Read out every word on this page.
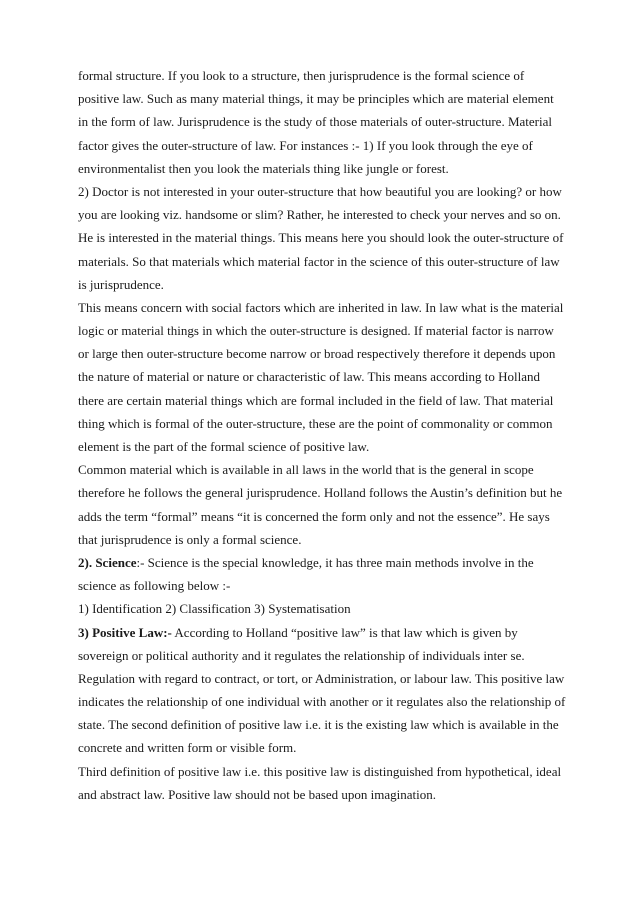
formal structure. If you look to a structure, then jurisprudence is the formal science of
positive law. Such as many material things, it may be principles which are material element
in the form of law. Jurisprudence is the study of those materials of outer-structure. Material
factor gives the outer-structure of law. For instances :- 1) If you look through the eye of
environmentalist then you look the materials thing like jungle or forest.
2) Doctor is not interested in your outer-structure that how beautiful you are looking? or how
you are looking viz. handsome or slim? Rather, he interested to check your nerves and so on.
He is interested in the material things. This means here you should look the outer-structure of
materials. So that materials which material factor in the science of this outer-structure of law
is jurisprudence.
This means concern with social factors which are inherited in law. In law what is the material
logic or material things in which the outer-structure is designed. If material factor is narrow
or large then outer-structure become narrow or broad respectively therefore it depends upon
the nature of material or nature or characteristic of law. This means according to Holland
there are certain material things which are formal included in the field of law. That material
thing which is formal of the outer-structure, these are the point of commonality or common
element is the part of the formal science of positive law.
Common material which is available in all laws in the world that is the general in scope
therefore he follows the general jurisprudence. Holland follows the Austin’s definition but he
adds the term “formal” means “it is concerned the form only and not the essence”. He says
that jurisprudence is only a formal science.
2). Science:- Science is the special knowledge, it has three main methods involve in the
science as following below :-
1) Identification 2) Classification 3) Systematisation
3) Positive Law:- According to Holland “positive law” is that law which is given by
sovereign or political authority and it regulates the relationship of individuals inter se.
Regulation with regard to contract, or tort, or Administration, or labour law. This positive law
indicates the relationship of one individual with another or it regulates also the relationship of
state. The second definition of positive law i.e. it is the existing law which is available in the
concrete and written form or visible form.
Third definition of positive law i.e. this positive law is distinguished from hypothetical, ideal
and abstract law. Positive law should not be based upon imagination.
